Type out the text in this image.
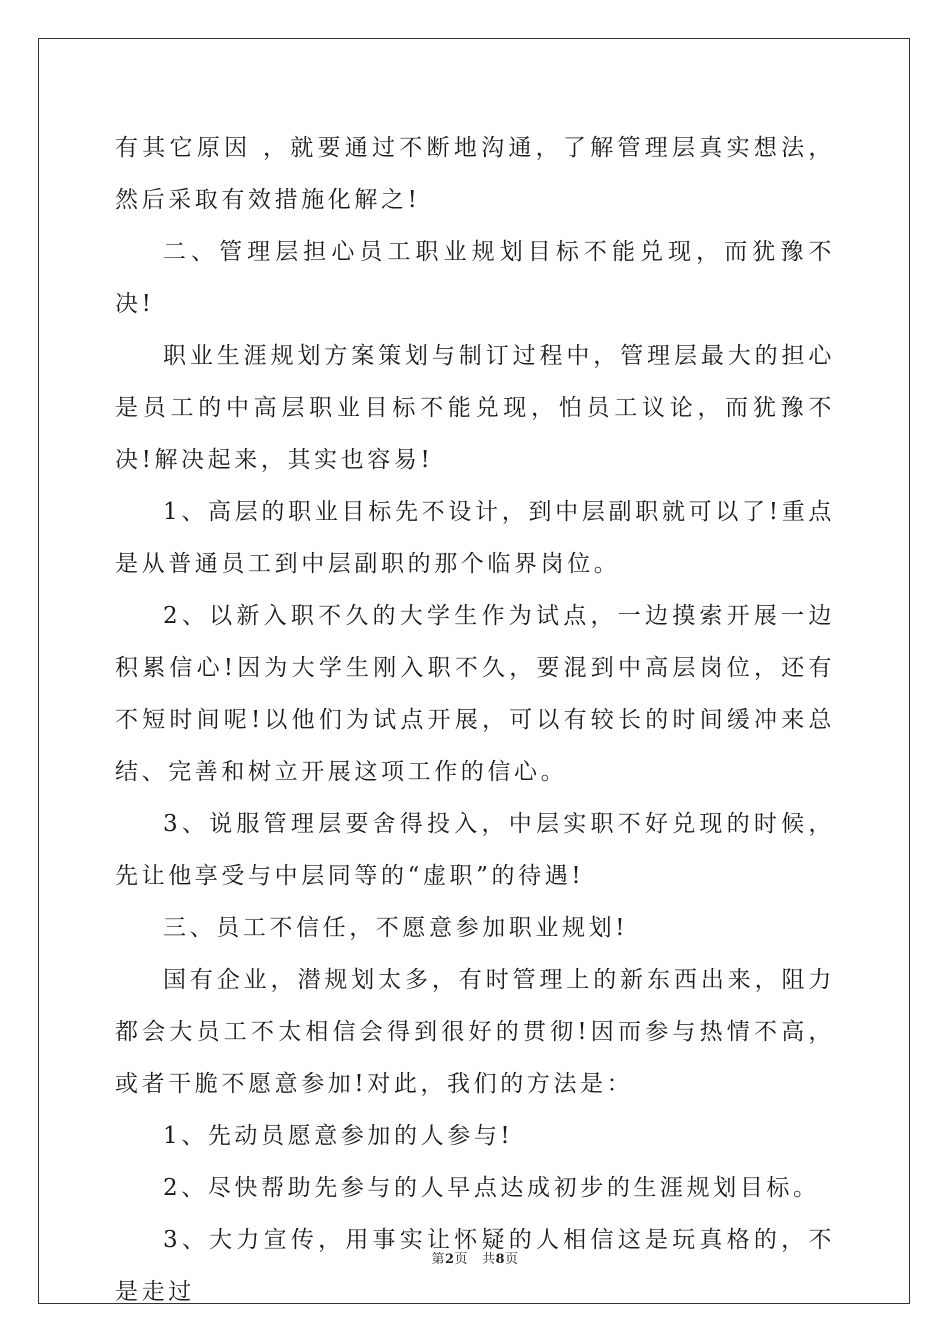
有其它原因 ，就要通过不断地沟通，了解管理层真实想法，然后采取有效措施化解之!

二、管理层担心员工职业规划目标不能兑现，而犹豫不决!

职业生涯规划方案策划与制订过程中，管理层最大的担心是员工的中高层职业目标不能兑现，怕员工议论，而犹豫不决!解决起来，其实也容易!

1、高层的职业目标先不设计，到中层副职就可以了!重点是从普通员工到中层副职的那个临界岗位。

2、以新入职不久的大学生作为试点，一边摸索开展一边积累信心!因为大学生刚入职不久，要混到中高层岗位，还有不短时间呢!以他们为试点开展，可以有较长的时间缓冲来总结、完善和树立开展这项工作的信心。

3、说服管理层要舍得投入，中层实职不好兑现的时候，先让他享受与中层同等的“虚职”的待遇!

三、员工不信任，不愿意参加职业规划!

国有企业，潜规划太多，有时管理上的新东西出来，阻力都会大员工不太相信会得到很好的贯彻!因而参与热情不高，或者干脆不愿意参加!对此，我们的方法是：

1、先动员愿意参加的人参与!

2、尽快帮助先参与的人早点达成初步的生涯规划目标。

3、大力宣传，用事实让怀疑的人相信这是玩真格的，不是走过

第2页 共8页
